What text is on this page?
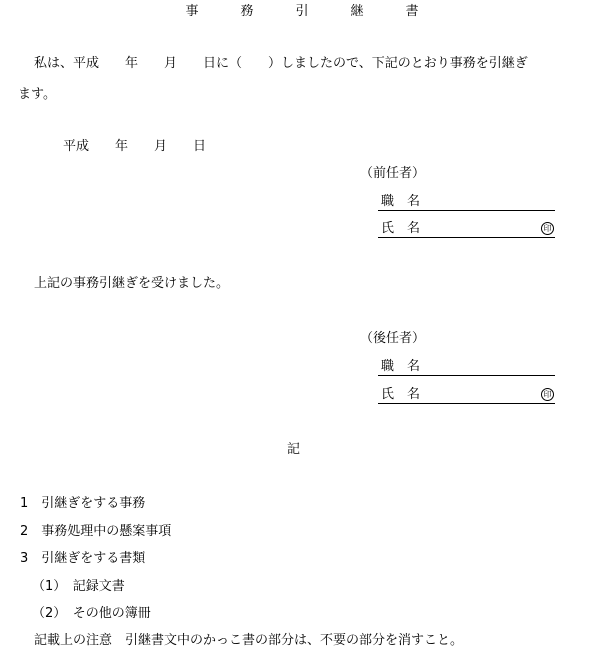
事	務	引	継	書
私は、平成　　年　　月　　日に（　　）しましたので、下記のとおり事務を引継ぎ
ます。
平成　　年　　月　　日
（前任者）
職　名
氏　名	印
上記の事務引継ぎを受けました。
（後任者）
職　名
氏　名	印
記
1　引継ぎをする事務
2　事務処理中の懸案事項
3　引継ぎをする書類
（1）　記録文書
（2）　その他の簿冊
記載上の注意　引継書文中のかっこ書の部分は、不要の部分を消すこと。
